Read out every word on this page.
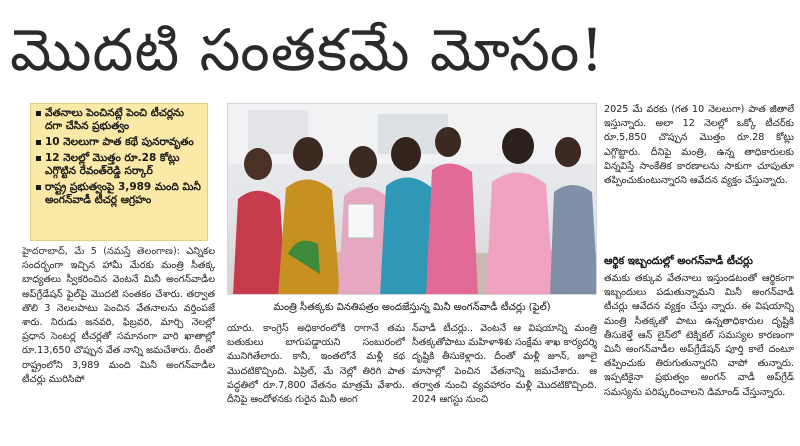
మొదటి సంతకమే మోసం!
వేతనాలు పెంచినట్లే పెంచి టీచర్లను దగా చేసిన ప్రభుత్వం
10 నెలలుగా పాత కథే పునరావృతం
12 నెలల్లో మొత్తం రూ.28 కోట్లు ఎగ్గొట్టిన రేవంత్‌రెడ్డి సర్కార్
రాష్ట్ర ప్రభుత్వంపై 3,989 మంది మినీ అంగన్‌వాడీ టీచర్ల ఆగ్రహం

హైదరాబాద్, మే 5 (నమస్తే తెలంగాణ): ఎన్నికల సందర్భంగా ఇచ్చిన హామీ మేరకు మంత్రి సీతక్క బాధ్యతలు స్వీకరించిన వెంటనే మినీ అంగన్‌వాడీల అప్‌గ్రేడేషన్ ఫైల్‌పై మొదటి సంతకం చేశారు. తర్వాత తొలి 3 నెలలపాటు పెంచిన వేతనాలను వర్తింపజే శారు. నిరుడు జనవరి, ఫిబ్రవరి, మార్చి నెలల్లో ప్రధాన సెంటర్ల టీచర్లతో సమానంగా వారి ఖాతాల్లో రూ.13,650 చొప్పున వేత నాన్ని జమచేశారు. దీంతో రాష్ట్రంలోని 3,989 మంది మినీ అంగన్‌వాడీల టీచర్లు మురిసిపో

మంత్రి సీతక్కకు వినతిపత్రం అందజేస్తున్న మినీ అంగన్‌వాడీ టీచర్లు (ఫైల్)

యారు. కాంగ్రెస్ అధికారంలోకి రాగానే తమ బతుకులు బాగుపడ్డాయని సంబురంలో మునిగితేలారు. కానీ, ఇంతలోనే మళ్లీ కథ మొదటికొచ్చింది. ఏప్రిల్, మే నెల్లో తిరిగి పాత పద్ధతిలో రూ.7,800 వేతనం మాత్రమే వేశారు. దీనిపై ఆందోళనకు గురైన మినీ అంగ

న్‌వాడీ టీచర్లు.. వెంటనే ఆ విషయాన్ని మంత్రి సీతక్కతోపాటు మహిళాశిశు సంక్షేమ శాఖ కార్యదర్శి దృష్టికి తీసుకెళ్లారు. దీంతో మళ్లీ జూన్, జూలై మాసాల్లో పెంచిన వేతనాన్ని జమచేశారు. ఆ తర్వాత నుంచి వ్యవహారం మళ్లీ మొదటికొచ్చింది. 2024 ఆగస్టు నుంచి

2025 మే వరకు (గత 10 నెలలుగా) పాత జీతాలే ఇస్తున్నారు. అలా 12 నెలల్లో ఒక్కో టీచర్‌కు రూ.5,850 చొప్పున మొత్తం రూ.28 కోట్లు ఎగ్గొట్టారు. దీనిపై మంత్రి, ఉన్న తాధికారులకు విన్నవిస్తే సాంకేతిక కారణాలను సాకుగా చూపుతూ తప్పించుకుంటున్నారని ఆవేదన వ్యక్తం చేస్తున్నారు.

ఆర్థిక ఇబ్బందుల్లో అంగన్‌వాడీ టీచర్లు

తమకు తక్కువ వేతనాలు ఇస్తుండటంతో ఆర్థికంగా ఇబ్బందులు పడుతున్నామని మినీ అంగన్‌వాడీ టీచర్లు ఆవేదన వ్యక్తం చేస్తు న్నారు. ఈ విషయాన్ని మంత్రి సీతక్కతో పాటు ఉన్నతాధికారుల దృష్టికి తీసుకెళ్తే ఆన్ లైన్‌లో టెక్నికల్ సమస్యల కారణంగా మినీ అంగన్‌వాడీల అప్‌గ్రేడేషన్ పూర్తి కాలే దంటూ తప్పించుకు తిరుగుతున్నారని వాపో తున్నారు. ఇప్పటికైనా ప్రభుత్వం అంగన్ వాడీ అప్‌గ్రేడ్ సమస్యను పరిష్కరించాలని డిమాండ్ చేస్తున్నారు.
